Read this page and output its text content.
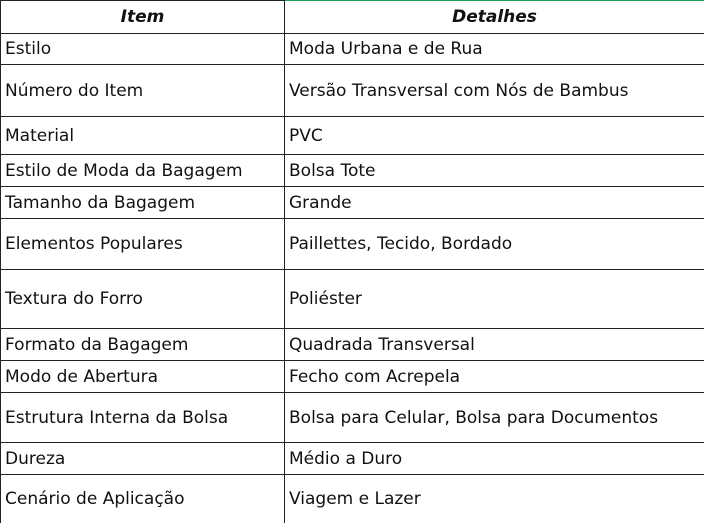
Item	Detalhes
Estilo	Moda Urbana e de Rua
Número do Item	Versão Transversal com Nós de Bambus
Material	PVC
Estilo de Moda da Bagagem	Bolsa Tote
Tamanho da Bagagem	Grande
Elementos Populares	Paillettes, Tecido, Bordado
Textura do Forro	Poliéster
Formato da Bagagem	Quadrada Transversal
Modo de Abertura	Fecho com Acrepela
Estrutura Interna da Bolsa	Bolsa para Celular, Bolsa para Documentos
Dureza	Médio a Duro
Cenário de Aplicação	Viagem e Lazer
